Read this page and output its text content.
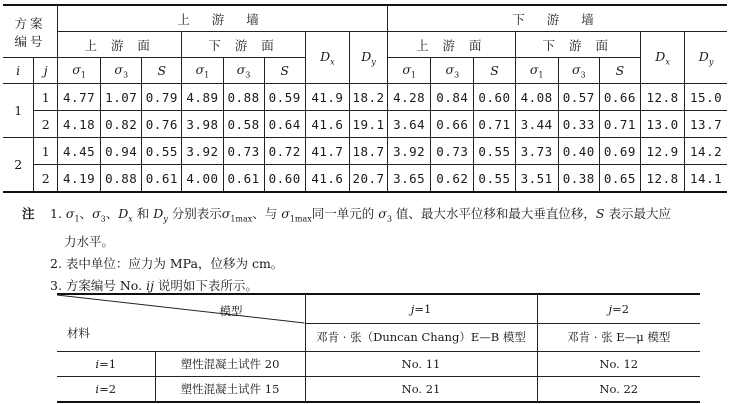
方案
编号		上 游 墙								下 游 墙							
		上 游 面			下 游 面			$D_x$	$D_y$	上 游 面			下 游 面			$D_x$	$D_y$
i	j	$\sigma_1$	$\sigma_3$	S	$\sigma_1$	$\sigma_3$	S			$\sigma_1$	$\sigma_3$	S	$\sigma_1$	$\sigma_3$	S		
1	1	4.77	1.07	0.79	4.89	0.88	0.59	41.9	18.2	4.28	0.84	0.60	4.08	0.57	0.66	12.8	15.0
	2	4.18	0.82	0.76	3.98	0.58	0.64	41.6	19.1	3.64	0.66	0.71	3.44	0.33	0.71	13.0	13.7
2	1	4.45	0.94	0.55	3.92	0.73	0.72	41.7	18.7	3.92	0.73	0.55	3.73	0.40	0.69	12.9	14.2
	2	4.19	0.88	0.61	4.00	0.61	0.60	41.6	20.7	3.65	0.62	0.55	3.51	0.38	0.65	12.8	14.1
注 1. $\sigma_1$、$\sigma_3$、$D_x$ 和 $D_y$ 分别表示$\sigma_{1max}$、与 $\sigma_{1max}$同一单元的 $\sigma_3$ 值、最大水平位移和最大垂直位移，S 表示最大应
力水平。
2. 表中单位：应力为 MPa，位移为 cm。
3. 方案编号 No. ij 说明如下表所示。
模型
材料		j=1	j=2
		邓肯 · 张（Duncan Chang）E—B 模型	邓肯 · 张 E—μ 模型
i=1	塑性混凝土试件 20	No. 11	No. 12
i=2	塑性混凝土试件 15	No. 21	No. 22
